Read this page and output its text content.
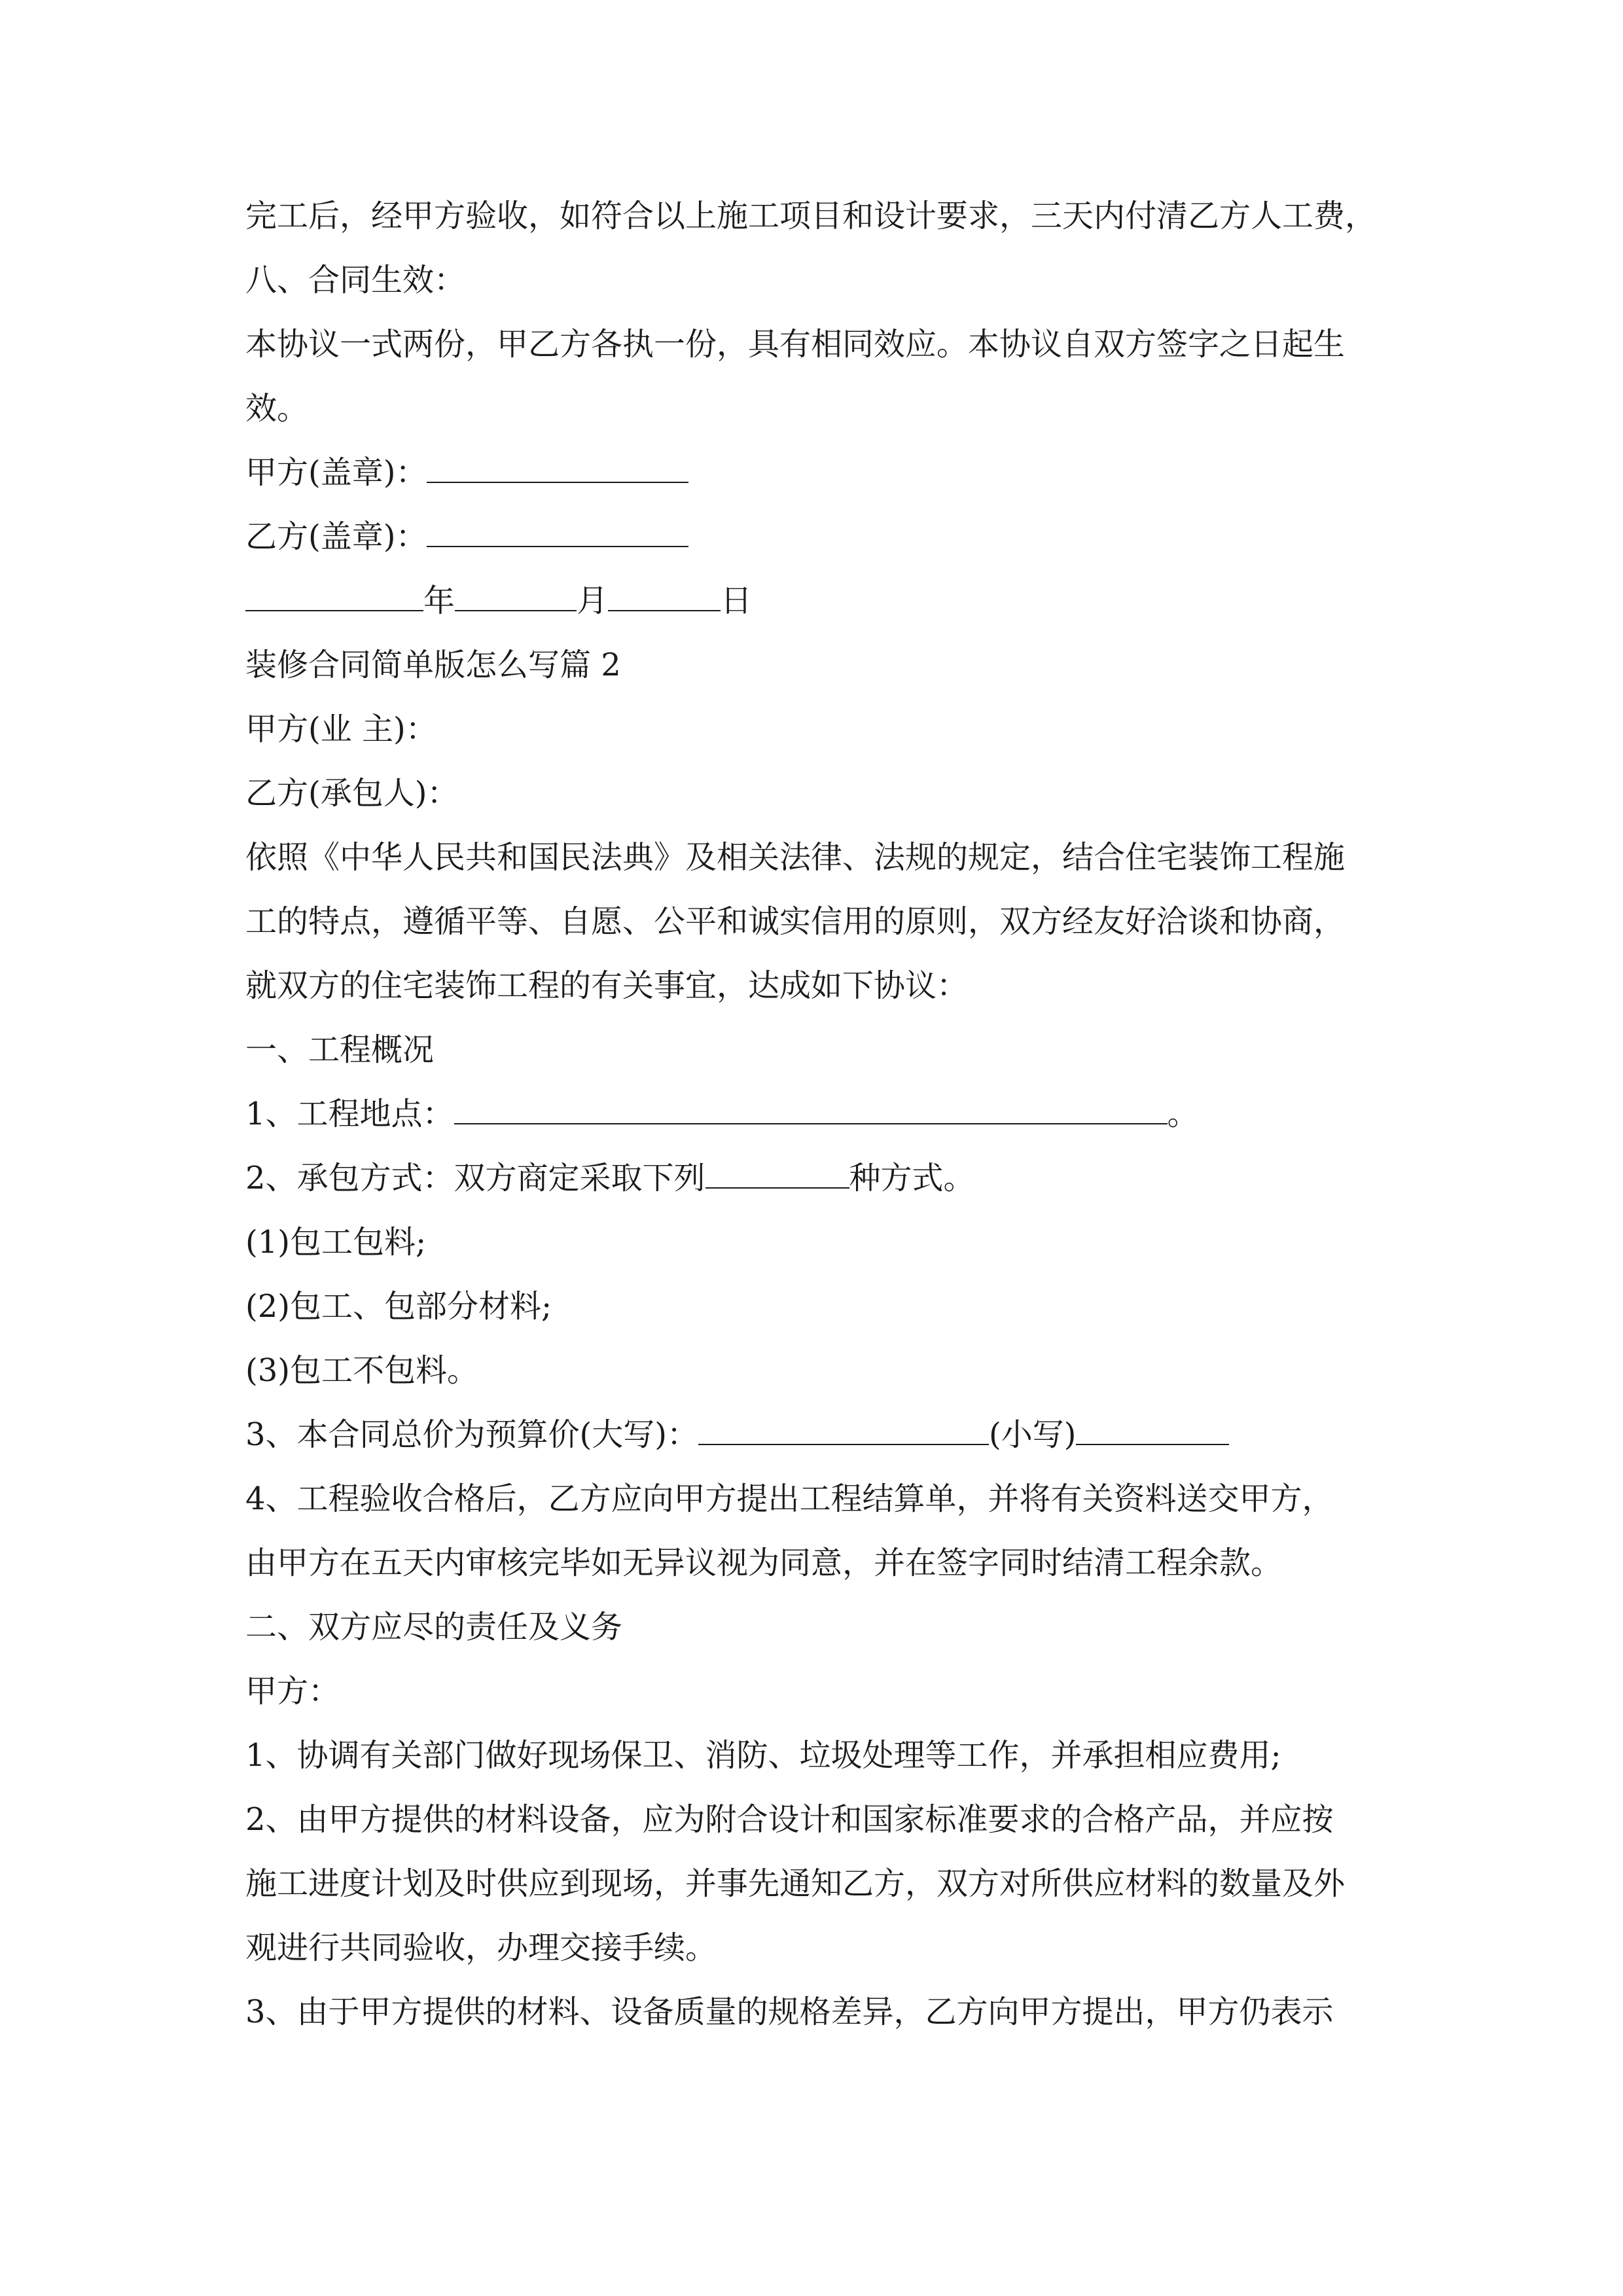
完工后，经甲方验收，如符合以上施工项目和设计要求，三天内付清乙方人工费，
八、合同生效：
本协议一式两份，甲乙方各执一份，具有相同效应。本协议自双方签字之日起生
效。
甲方(盖章)：
乙方(盖章)：
年	月	日
装修合同简单版怎么写篇 2
甲方(业 主)：
乙方(承包人)：
依照《中华人民共和国民法典》及相关法律、法规的规定，结合住宅装饰工程施
工的特点，遵循平等、自愿、公平和诚实信用的原则，双方经友好洽谈和协商，
就双方的住宅装饰工程的有关事宜，达成如下协议：
一、工程概况
1、工程地点：	。
2、承包方式：双方商定采取下列	种方式。
(1)包工包料;
(2)包工、包部分材料;
(3)包工不包料。
3、本合同总价为预算价(大写)：	(小写)
4、工程验收合格后，乙方应向甲方提出工程结算单，并将有关资料送交甲方，
由甲方在五天内审核完毕如无异议视为同意，并在签字同时结清工程余款。
二、双方应尽的责任及义务
甲方：
1、协调有关部门做好现场保卫、消防、垃圾处理等工作，并承担相应费用;
2、由甲方提供的材料设备，应为附合设计和国家标准要求的合格产品，并应按
施工进度计划及时供应到现场，并事先通知乙方，双方对所供应材料的数量及外
观进行共同验收，办理交接手续。
3、由于甲方提供的材料、设备质量的规格差异，乙方向甲方提出，甲方仍表示
